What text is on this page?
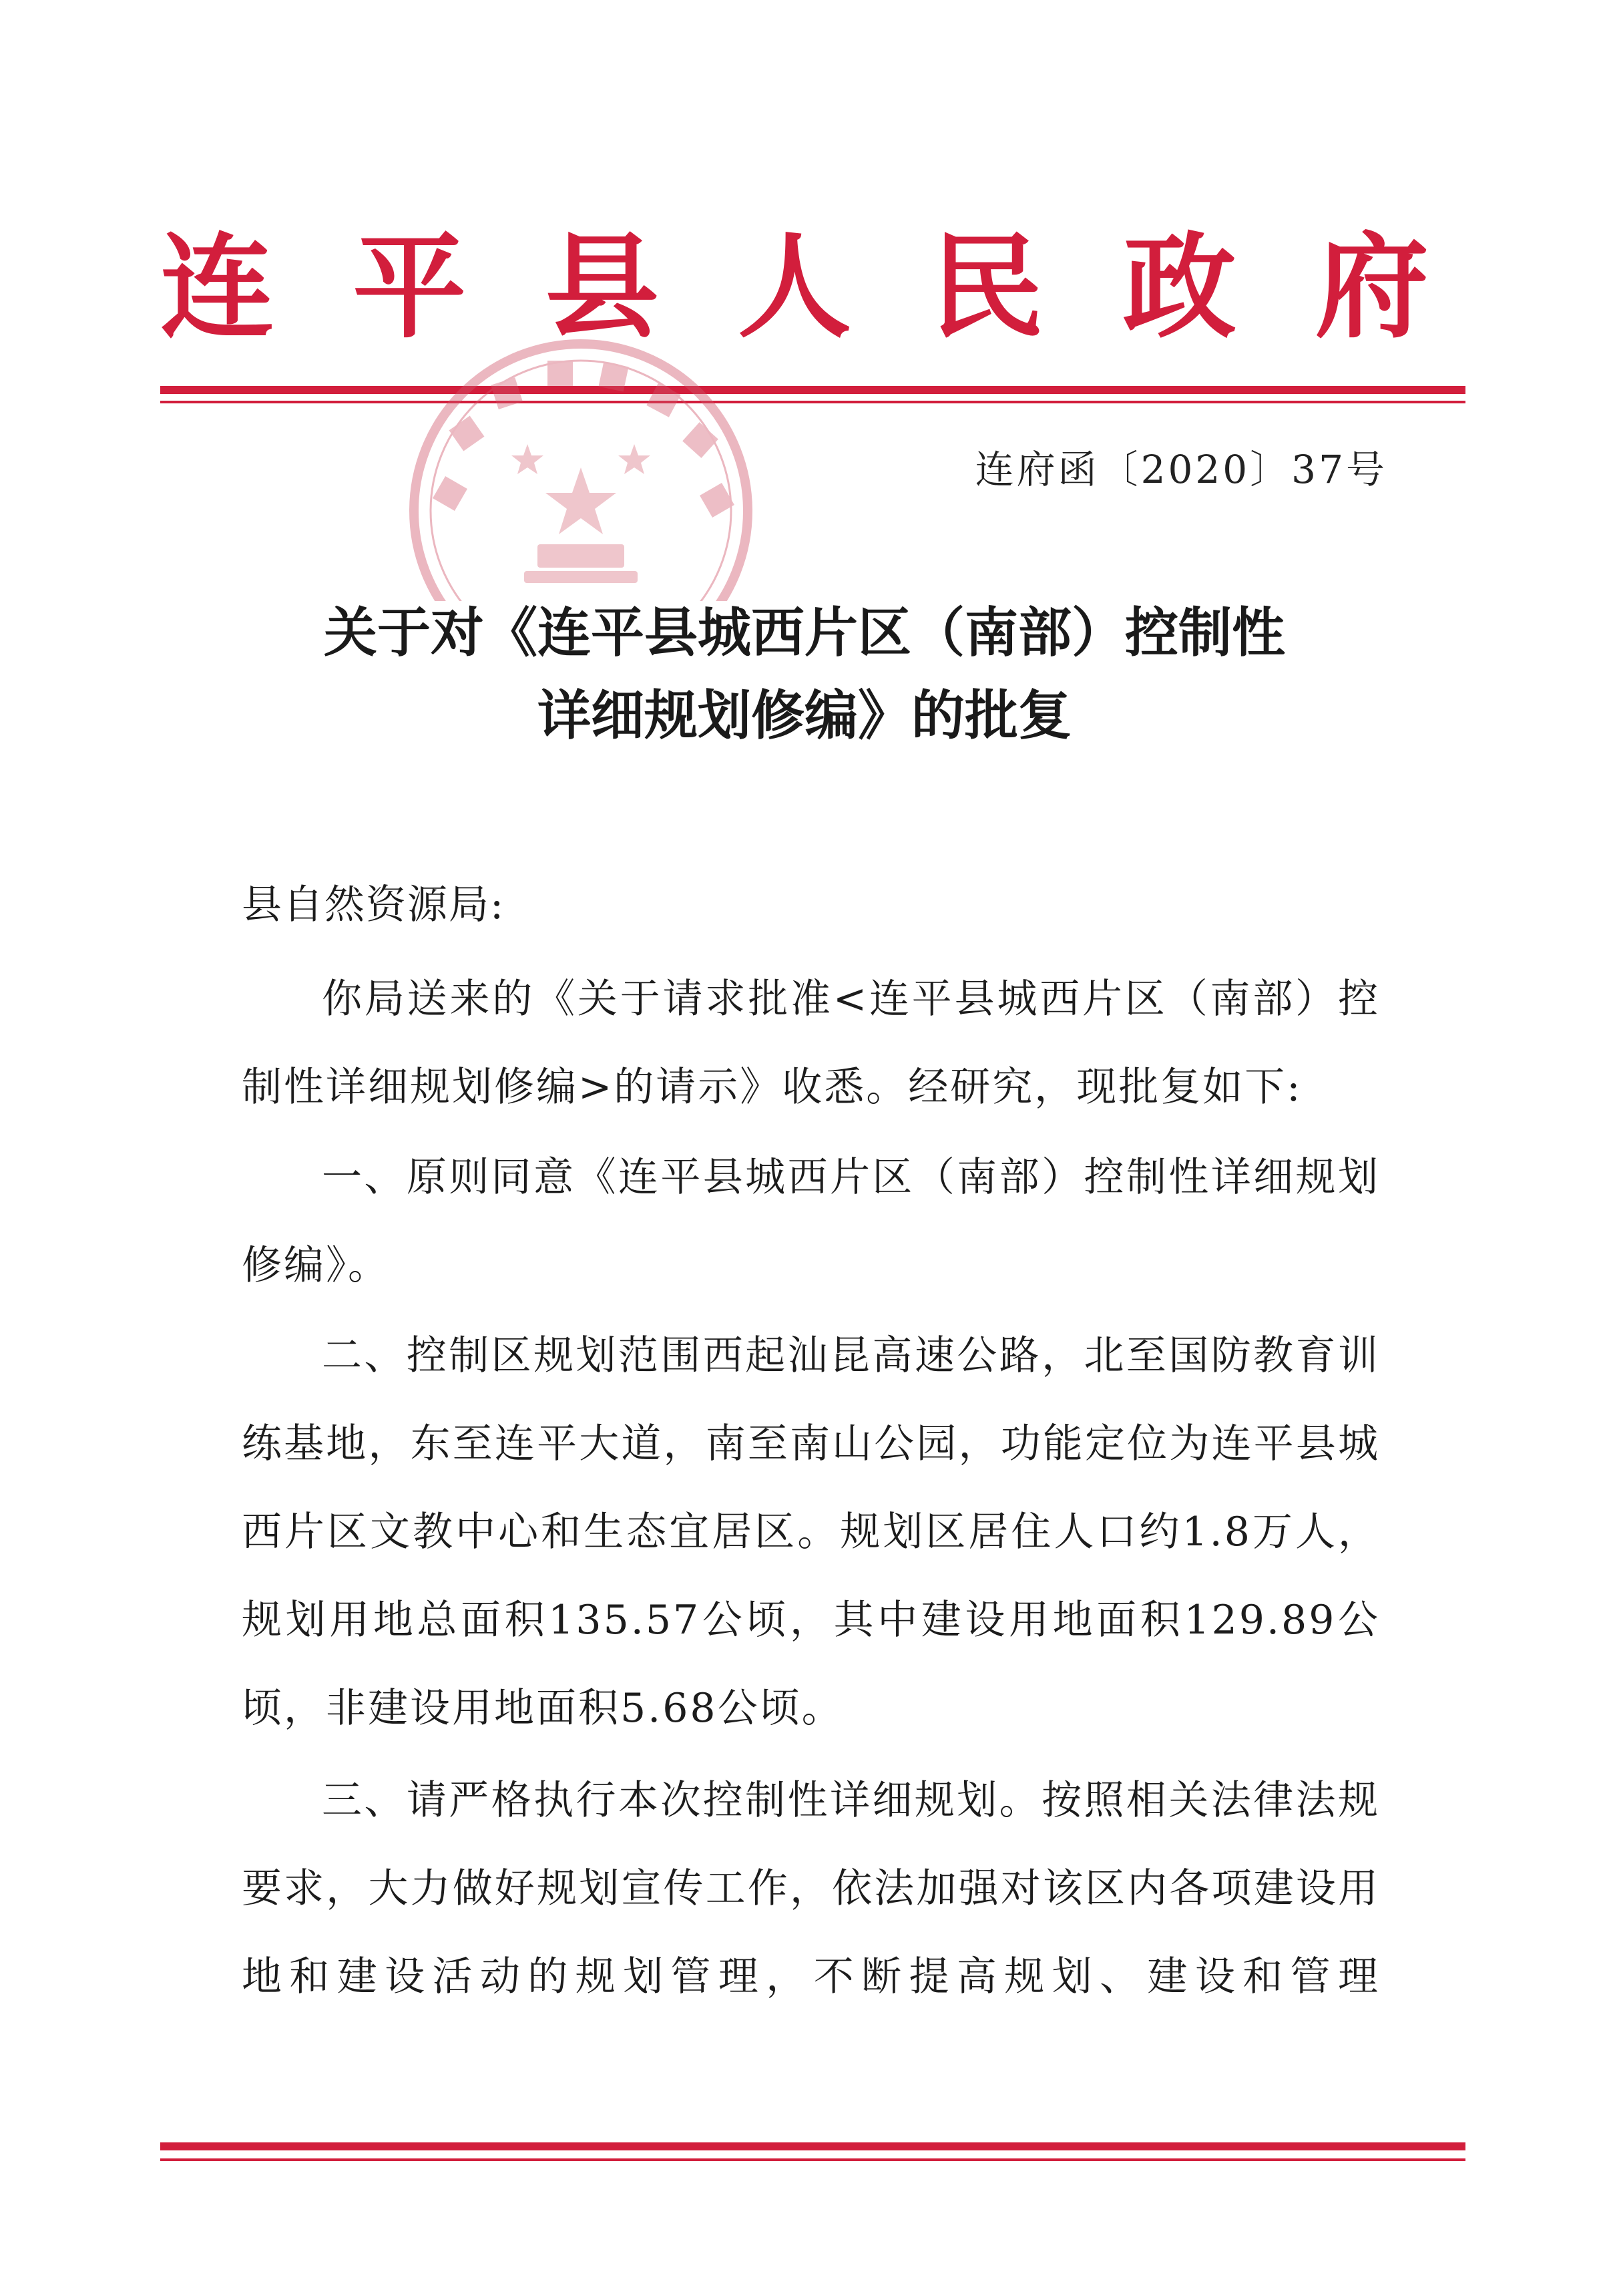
连 平 县 人 民 政 府
连府函〔2020〕37号
关于对《连平县城西片区（南部）控制性
详细规划修编》的批复
县自然资源局:
你局送来的《关于请求批准<连平县城西片区（南部）控制性详细规划修编>的请示》收悉。经研究，现批复如下:
一、原则同意《连平县城西片区（南部）控制性详细规划修编》。
二、控制区规划范围西起汕昆高速公路，北至国防教育训练基地，东至连平大道，南至南山公园，功能定位为连平县城西片区文教中心和生态宜居区。规划区居住人口约1.8万人，规划用地总面积135.57公顷，其中建设用地面积129.89公顷，非建设用地面积5.68公顷。
三、请严格执行本次控制性详细规划。按照相关法律法规要求，大力做好规划宣传工作，依法加强对该区内各项建设用地和建设活动的规划管理，不断提高规划、建设和管理
